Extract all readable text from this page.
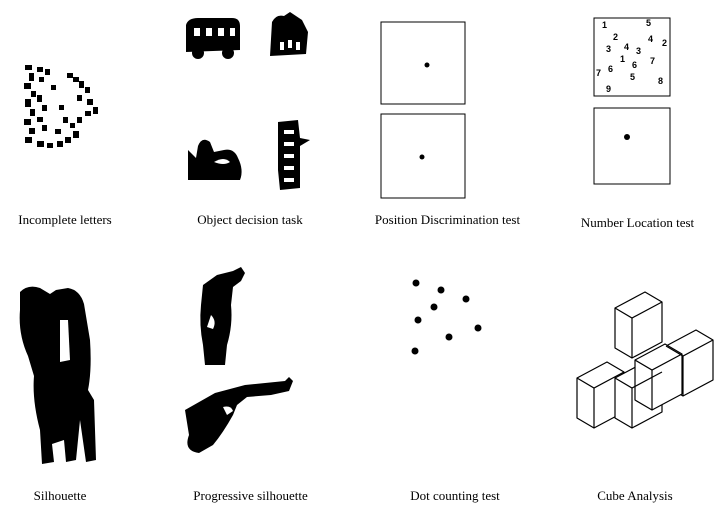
Incomplete letters	Object decision task	Position Discrimination test
1	5
2	4 2
3 4 3
1
6 7
7 6
5	8
9
Number Location test
Silhouette	Progressive silhouette	Dot counting test	Cube Analysis
